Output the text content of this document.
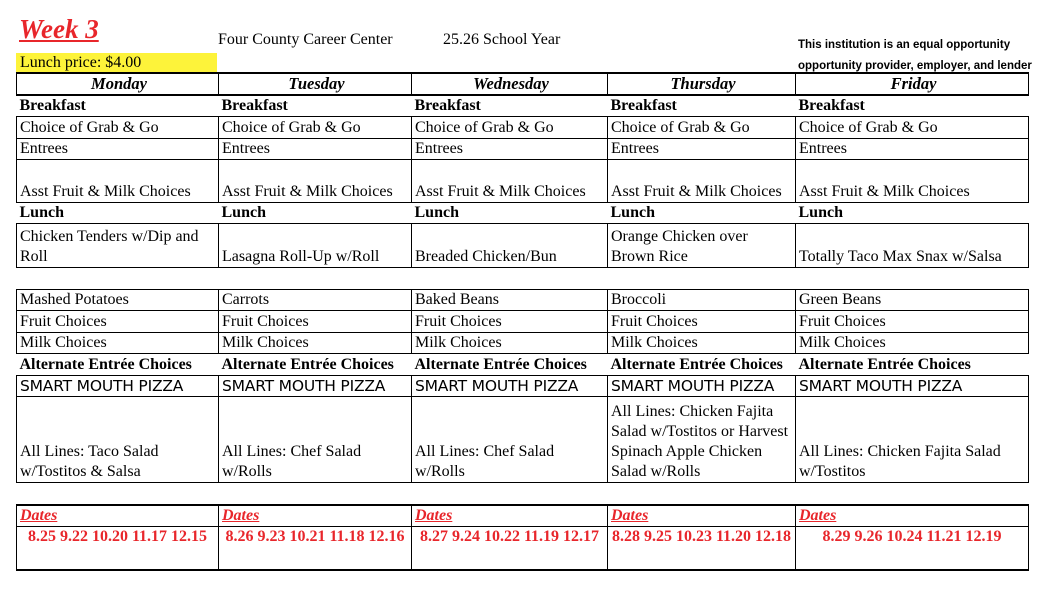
Week 3
Lunch price: $4.00
Four County Career Center	25.26 School Year	This institution is an equal opportunity
opportunity provider, employer, and lender
Monday	Tuesday	Wednesday	Thursday	Friday
Breakfast	Breakfast	Breakfast	Breakfast	Breakfast
Choice of Grab & Go	Choice of Grab & Go	Choice of Grab & Go	Choice of Grab & Go	Choice of Grab & Go
Entrees	Entrees	Entrees	Entrees	Entrees
Asst Fruit & Milk Choices	Asst Fruit & Milk Choices	Asst Fruit & Milk Choices	Asst Fruit & Milk Choices	Asst Fruit & Milk Choices
Lunch	Lunch	Lunch	Lunch	Lunch
Chicken Tenders w/Dip and Roll	Lasagna Roll-Up w/Roll	Breaded Chicken/Bun	Orange Chicken over Brown Rice	Totally Taco Max Snax w/Salsa

Mashed Potatoes	Carrots	Baked Beans	Broccoli	Green Beans
Fruit Choices	Fruit Choices	Fruit Choices	Fruit Choices	Fruit Choices
Milk Choices	Milk Choices	Milk Choices	Milk Choices	Milk Choices
Alternate Entrée Choices	Alternate Entrée Choices	Alternate Entrée Choices	Alternate Entrée Choices	Alternate Entrée Choices
SMART MOUTH PIZZA	SMART MOUTH PIZZA	SMART MOUTH PIZZA	SMART MOUTH PIZZA	SMART MOUTH PIZZA
All Lines: Taco Salad w/Tostitos & Salsa	All Lines: Chef Salad w/Rolls	All Lines: Chef Salad w/Rolls	All Lines: Chicken Fajita Salad w/Tostitos or Harvest Spinach Apple Chicken Salad w/Rolls	All Lines: Chicken Fajita Salad w/Tostitos

Dates	Dates	Dates	Dates	Dates
8.25 9.22 10.20 11.17 12.15	8.26 9.23 10.21 11.18 12.16	8.27 9.24 10.22 11.19 12.17	8.28 9.25 10.23 11.20 12.18	8.29 9.26 10.24 11.21 12.19
